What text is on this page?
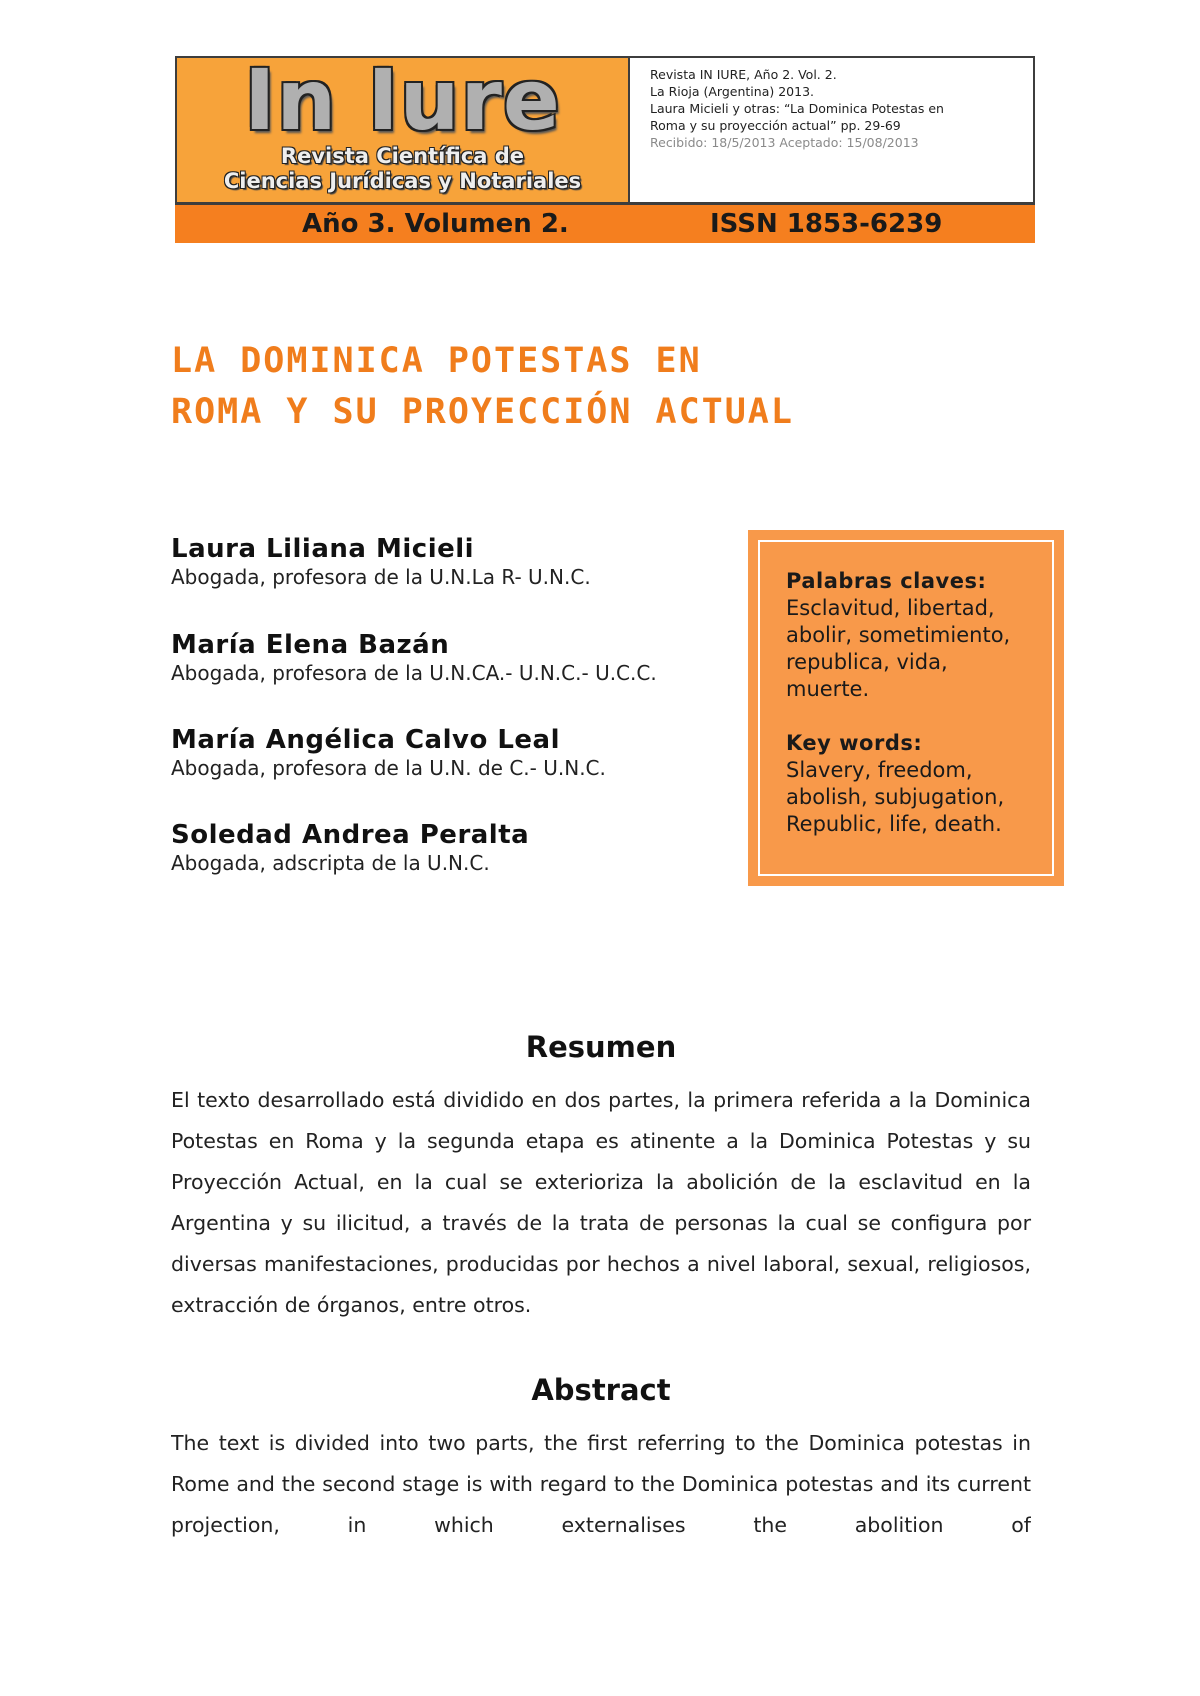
In Iure
Revista Científica de
Ciencias Jurídicas y Notariales
Revista IN IURE, Año 2. Vol. 2.
La Rioja (Argentina) 2013.
Laura Micieli y otras: “La Dominica Potestas en
Roma y su proyección actual” pp. 29-69
Recibido: 18/5/2013 Aceptado: 15/08/2013
Año 3. Volumen 2.	ISSN 1853-6239
LA DOMINICA POTESTAS EN
ROMA Y SU PROYECCIÓN ACTUAL
Laura Liliana Micieli
Abogada, profesora de la U.N.La R- U.N.C.
María Elena Bazán
Abogada, profesora de la U.N.CA.- U.N.C.- U.C.C.
María Angélica Calvo Leal
Abogada, profesora de la U.N. de C.- U.N.C.
Soledad Andrea Peralta
Abogada, adscripta de la U.N.C.
Palabras claves:
Esclavitud, libertad,
abolir, sometimiento,
republica, vida,
muerte.
Key words:
Slavery, freedom,
abolish, subjugation,
Republic, life, death.
Resumen
El texto desarrollado está dividido en dos partes, la primera referida a la Dominica Potestas en Roma y la segunda etapa es atinente a la Dominica Potestas y su Proyección Actual, en la cual se exterioriza la abolición de la esclavitud en la Argentina y su ilicitud, a través de la trata de personas la cual se configura por diversas manifestaciones, producidas por hechos a nivel laboral, sexual, religiosos, extracción de órganos, entre otros.
Abstract
The text is divided into two parts, the first referring to the Dominica potestas in Rome and the second stage is with regard to the Dominica potestas and its current projection, in which externalises the abolition of
